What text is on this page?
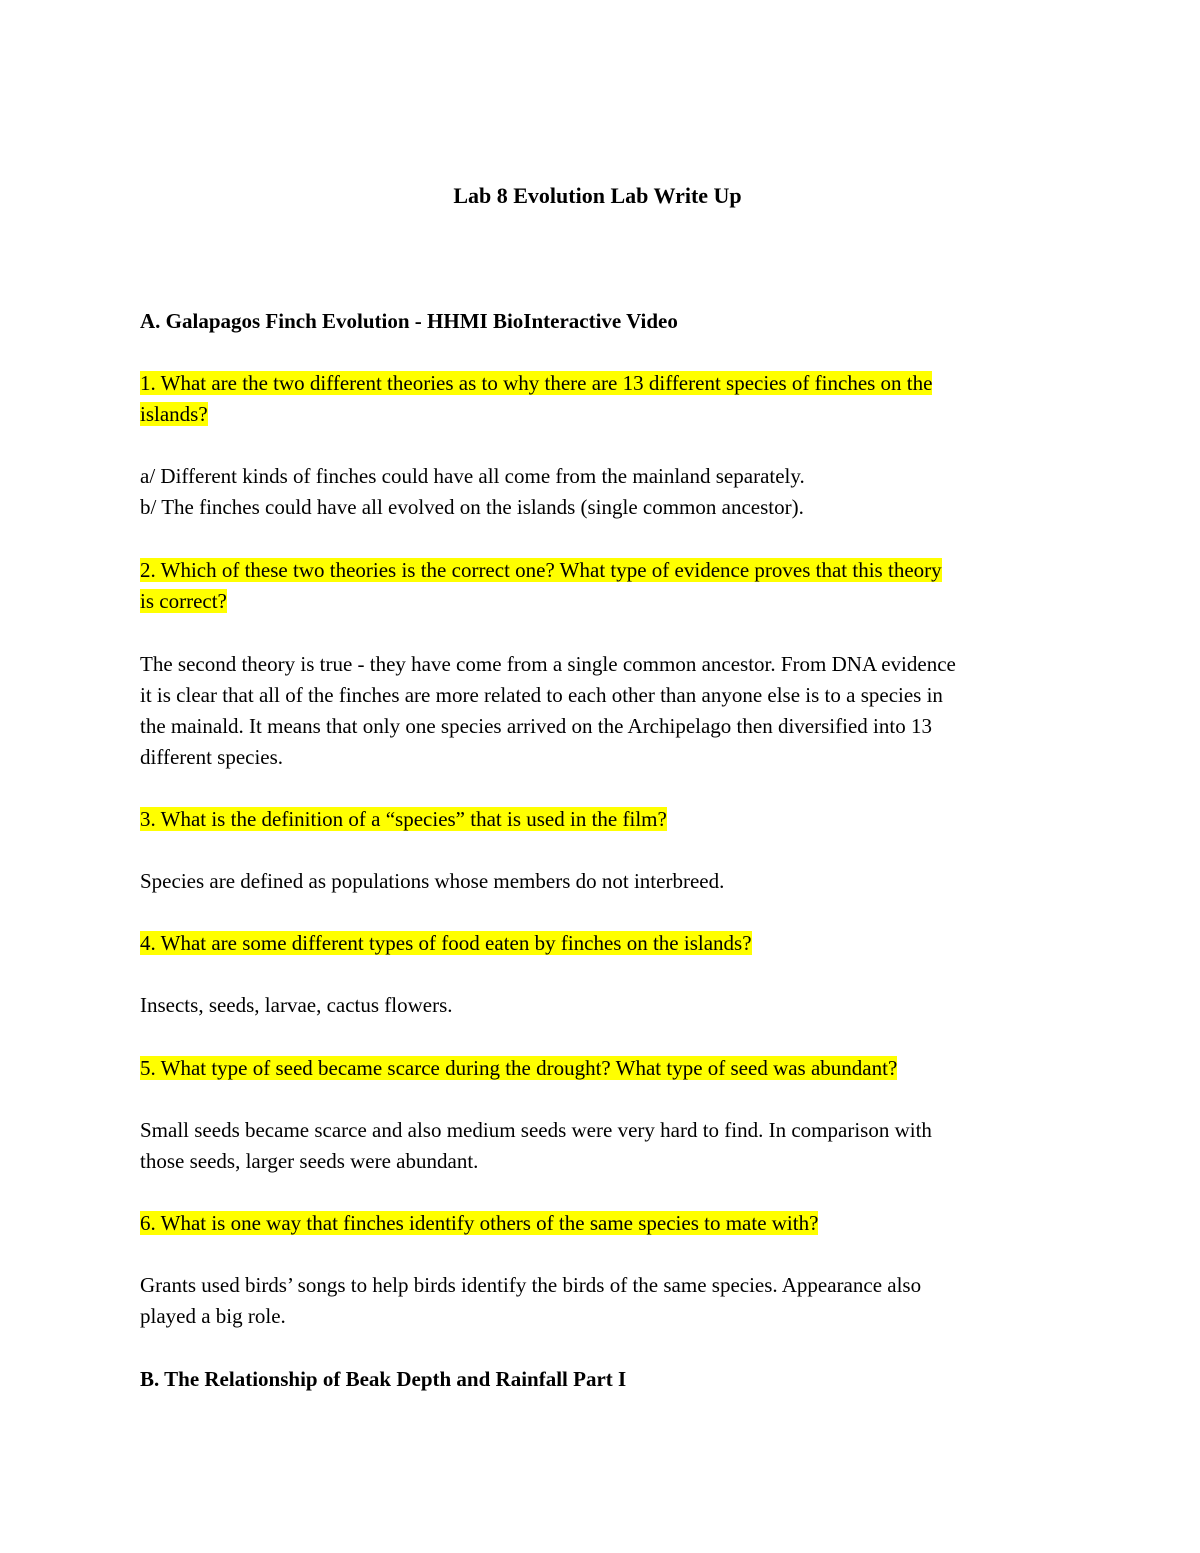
Lab 8 Evolution Lab Write Up
A. Galapagos Finch Evolution - HHMI BioInteractive Video

1. What are the two different theories as to why there are 13 different species of finches on the
islands?

a/ Different kinds of finches could have all come from the mainland separately.
b/ The finches could have all evolved on the islands (single common ancestor).

2. Which of these two theories is the correct one? What type of evidence proves that this theory
is correct?

The second theory is true - they have come from a single common ancestor. From DNA evidence
it is clear that all of the finches are more related to each other than anyone else is to a species in
the mainald. It means that only one species arrived on the Archipelago then diversified into 13
different species.

3. What is the definition of a “species” that is used in the film?

Species are defined as populations whose members do not interbreed.

4. What are some different types of food eaten by finches on the islands?

Insects, seeds, larvae, cactus flowers.

5. What type of seed became scarce during the drought? What type of seed was abundant?

Small seeds became scarce and also medium seeds were very hard to find. In comparison with
those seeds, larger seeds were abundant.

6. What is one way that finches identify others of the same species to mate with?

Grants used birds’ songs to help birds identify the birds of the same species. Appearance also
played a big role.

B. The Relationship of Beak Depth and Rainfall Part I
